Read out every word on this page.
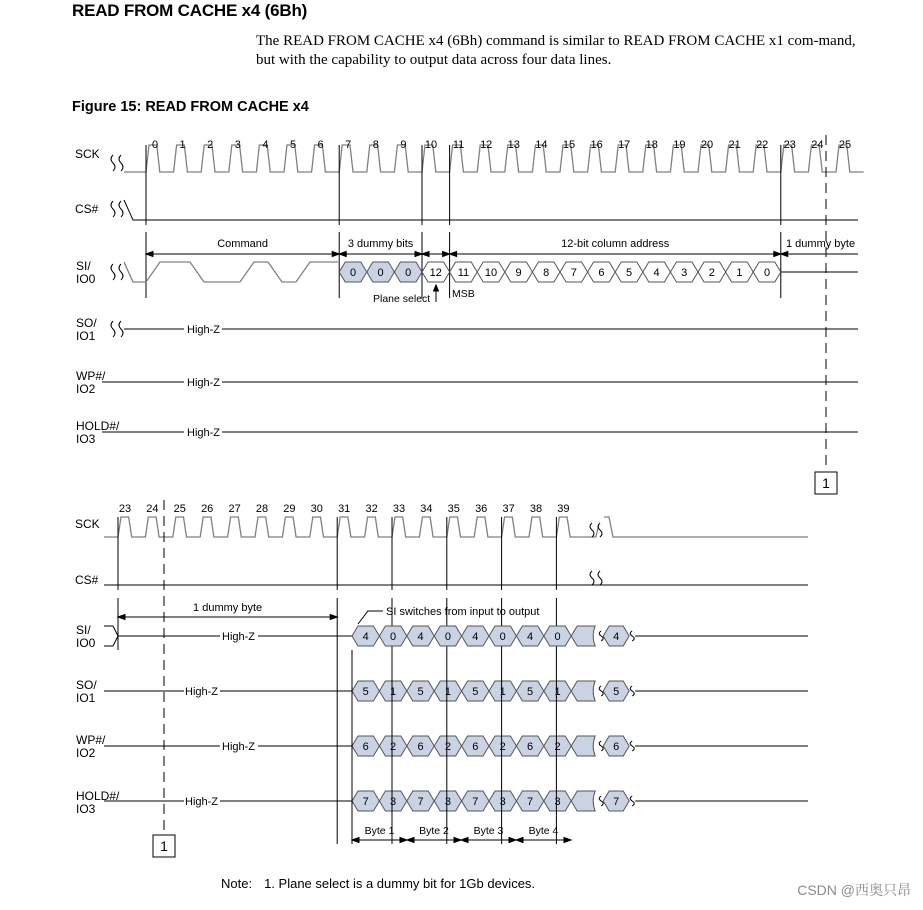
READ FROM CACHE x4 (6Bh)
The READ FROM CACHE x4 (6Bh) command is similar to READ FROM CACHE x1 com-mand, but with the capability to output data across four data lines.
Figure 15: READ FROM CACHE x4
SCK
CS#
SI/
IO0
SO/
IO1
WP#/
IO2
HOLD#/
IO3
0 1 2 3 4 5 6 7 8 9 10 11 12 13 14 15 16 17 18 19 20 21 22 23 24 25
Command	3 dummy bits	12-bit column address	1 dummy byte
0 0 0 12 11 10 9 8 7 6 5 4 3 2 1 0
Plane select MSB
High-Z
High-Z
High-Z
1
SCK
CS#
SI/
IO0
SO/
IO1
WP#/
IO2
HOLD#/
IO3
23 24 25 26 27 28 29 30 31 32 33 34 35 36 37 38 39
1 dummy byte	SI switches from input to output
High-Z	4 0 4 0 4 0 4 0	4
High-Z	5 1 5 1 5 1 5 1	5
High-Z	6 2 6 2 6 2 6 2	6
High-Z	7 3 7 3 7 3 7 3	7
Byte 1 Byte 2 Byte 3 Byte 4
1
Note: 1. Plane select is a dummy bit for 1Gb devices.	CSDN @西奥只昂
